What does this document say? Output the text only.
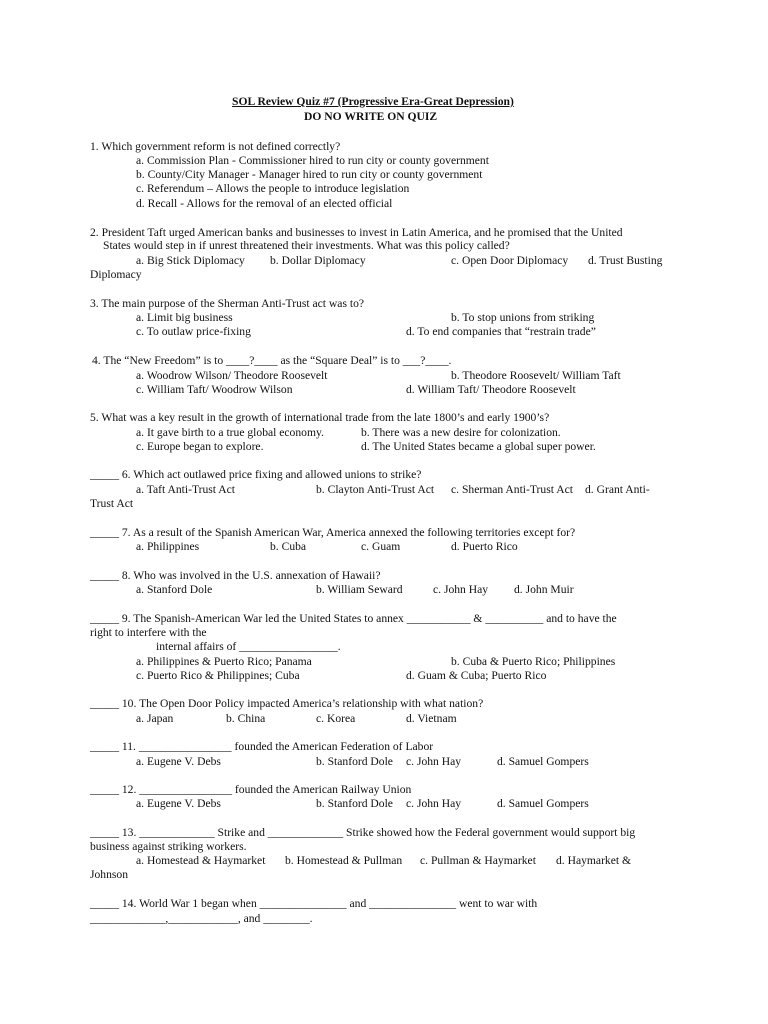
SOL Review Quiz #7 (Progressive Era-Great Depression)
DO NO WRITE ON QUIZ
1. Which government reform is not defined correctly?
a. Commission Plan - Commissioner hired to run city or county government
b. County/City Manager - Manager hired to run city or county government
c. Referendum – Allows the people to introduce legislation
d. Recall - Allows for the removal of an elected official
2. President Taft urged American banks and businesses to invest in Latin America, and he promised that the United
States would step in if unrest threatened their investments. What was this policy called?
a. Big Stick Diplomacy b. Dollar Diplomacy	c. Open Door Diplomacy d. Trust Busting
Diplomacy
3. The main purpose of the Sherman Anti-Trust act was to?
a. Limit big business	b. To stop unions from striking
c. To outlaw price-fixing	d. To end companies that “restrain trade”
4. The “New Freedom” is to ____?____ as the “Square Deal” is to ___?____.
a. Woodrow Wilson/ Theodore Roosevelt	b. Theodore Roosevelt/ William Taft
c. William Taft/ Woodrow Wilson	d. William Taft/ Theodore Roosevelt
5. What was a key result in the growth of international trade from the late 1800’s and early 1900’s?
a. It gave birth to a true global economy.	b. There was a new desire for colonization.
c. Europe began to explore.	d. The United States became a global super power.
_____ 6. Which act outlawed price fixing and allowed unions to strike?
a. Taft Anti-Trust Act	b. Clayton Anti-Trust Act c. Sherman Anti-Trust Act d. Grant Anti-
Trust Act
_____ 7. As a result of the Spanish American War, America annexed the following territories except for?
a. Philippines	b. Cuba	c. Guam	d. Puerto Rico
_____ 8. Who was involved in the U.S. annexation of Hawaii?
a. Stanford Dole	b. William Seward	c. John Hay d. John Muir
_____ 9. The Spanish-American War led the United States to annex ___________ & __________ and to have the
right to interfere with the
internal affairs of _________________.
a. Philippines & Puerto Rico; Panama	b. Cuba & Puerto Rico; Philippines
c. Puerto Rico & Philippines; Cuba	d. Guam & Cuba; Puerto Rico
_____ 10. The Open Door Policy impacted America’s relationship with what nation?
a. Japan	b. China	c. Korea	d. Vietnam
_____ 11. ________________ founded the American Federation of Labor
a. Eugene V. Debs	b. Stanford Dole c. John Hay	d. Samuel Gompers
_____ 12. ________________ founded the American Railway Union
a. Eugene V. Debs	b. Stanford Dole c. John Hay	d. Samuel Gompers
_____ 13. _____________ Strike and _____________ Strike showed how the Federal government would support big
business against striking workers.
a. Homestead & Haymarket b. Homestead & Pullman c. Pullman & Haymarket d. Haymarket &
Johnson
_____ 14. World War 1 began when _______________ and _______________ went to war with
_____________,____________, and ________.
